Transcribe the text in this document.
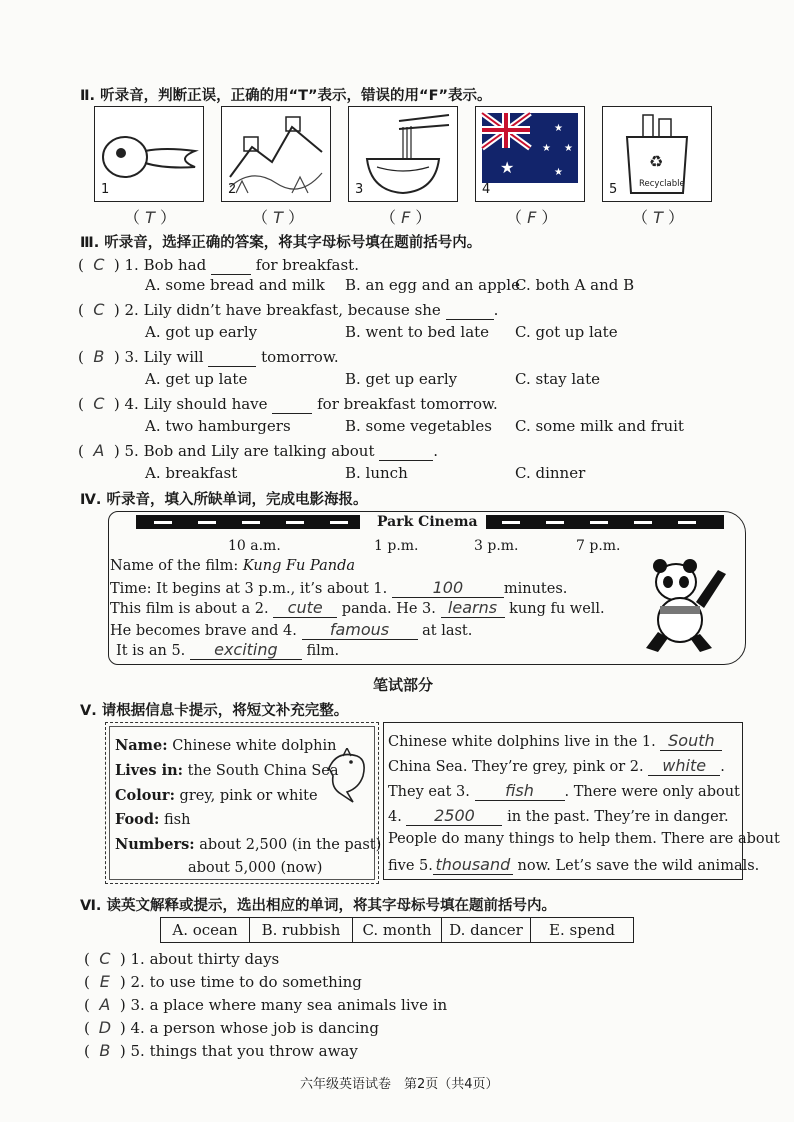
Ⅱ. 听录音，判断正误，正确的用“T”表示，错误的用“F”表示。
1	2	3
★
★
★ ★
★
4
♻
Recyclable
5
（ T ）	（ T ）	（ F ）	（ F ）	（ T ）
Ⅲ. 听录音，选择正确的答案，将其字母标号填在题前括号内。
( C ) 1. Bob had	for breakfast.
A. some bread and milk B. an egg and an apple
C. both A and B
( C ) 2. Lily didn’t have breakfast, because she	.
A. got up early	B. went to bed late C. got up late
( B ) 3. Lily will	tomorrow.
A. get up late	B. get up early	C. stay late
( C ) 4. Lily should have	for breakfast tomorrow.
A. two hamburgers	B. some vegetables C. some milk and fruit
( A ) 5. Bob and Lily are talking about	.
A. breakfast	B. lunch	C. dinner
Ⅳ. 听录音，填入所缺单词，完成电影海报。
Park Cinema
10 a.m.	1 p.m.	3 p.m.	7 p.m.
Name of the film: Kung Fu Panda
Time: It begins at 3 p.m., it’s about 1.	100	minutes.
This film is about a 2. cute panda. He 3. learns kung fu well.
He becomes brave and 4. famous at last.
It is an 5. exciting film.
笔试部分
Ⅴ. 请根据信息卡提示，将短文补充完整。
Name: Chinese white dolphin
Lives in: the South China Sea
Colour: grey, pink or white
Food: fish
Numbers: about 2,500 (in the past)
about 5,000 (now)
Chinese white dolphins live in the 1. South
China Sea. They’re grey, pink or 2. white .
They eat 3. fish . There were only about
4. 2500 in the past. They’re in danger.
People do many things to help them. There are about
five 5. thousand now. Let’s save the wild animals.
Ⅵ. 读英文解释或提示，选出相应的单词，将其字母标号填在题前括号内。
A. ocean	B. rubbish	C. month	D. dancer	E. spend
( C ) 1. about thirty days
( E ) 2. to use time to do something
( A ) 3. a place where many sea animals live in
( D ) 4. a person whose job is dancing
( B ) 5. things that you throw away
六年级英语试卷　第2页（共4页）
